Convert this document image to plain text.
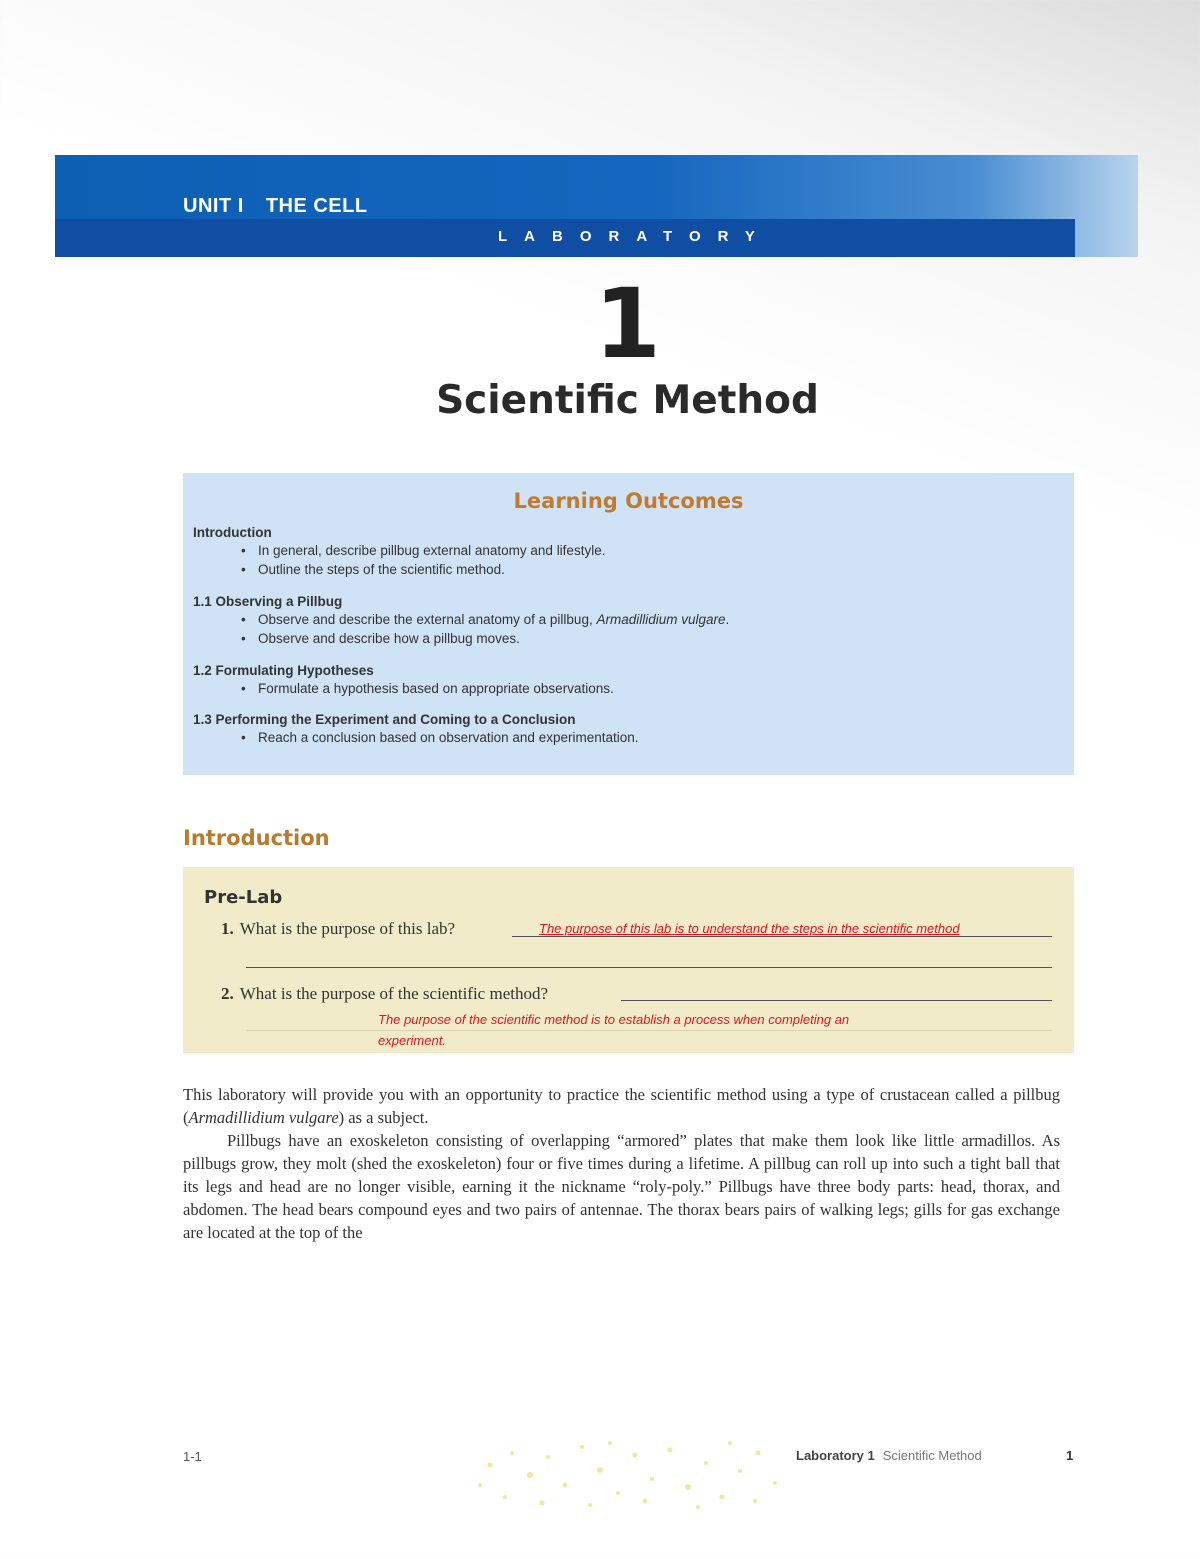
UNIT I THE CELL
LABORATORY
1
Scientific Method
Learning Outcomes
Introduction
• In general, describe pillbug external anatomy and lifestyle.
• Outline the steps of the scientific method.
1.1 Observing a Pillbug
• Observe and describe the external anatomy of a pillbug, Armadillidium vulgare.
• Observe and describe how a pillbug moves.
1.2 Formulating Hypotheses
• Formulate a hypothesis based on appropriate observations.
1.3 Performing the Experiment and Coming to a Conclusion
• Reach a conclusion based on observation and experimentation.
Introduction
Pre-Lab
1. What is the purpose of this lab?	The purpose of this lab is to understand the steps in the scientific method
2. What is the purpose of the scientific method?
The purpose of the scientific method is to establish a process when completing an
experiment.

This laboratory will provide you with an opportunity to practice the scientific method using a type of crustacean called a pillbug (Armadillidium vulgare) as a subject.

Pillbugs have an exoskeleton consisting of overlapping “armored” plates that make them look like little armadillos. As pillbugs grow, they molt (shed the exoskeleton) four or five times during a lifetime. A pillbug can roll up into such a tight ball that its legs and head are no longer visible, earning it the nickname “roly-poly.” Pillbugs have three body parts: head, thorax, and abdomen. The head bears compound eyes and two pairs of antennae. The thorax bears pairs of walking legs; gills for gas exchange are located at the top of the

1-1	Laboratory 1 Scientific Method	1
